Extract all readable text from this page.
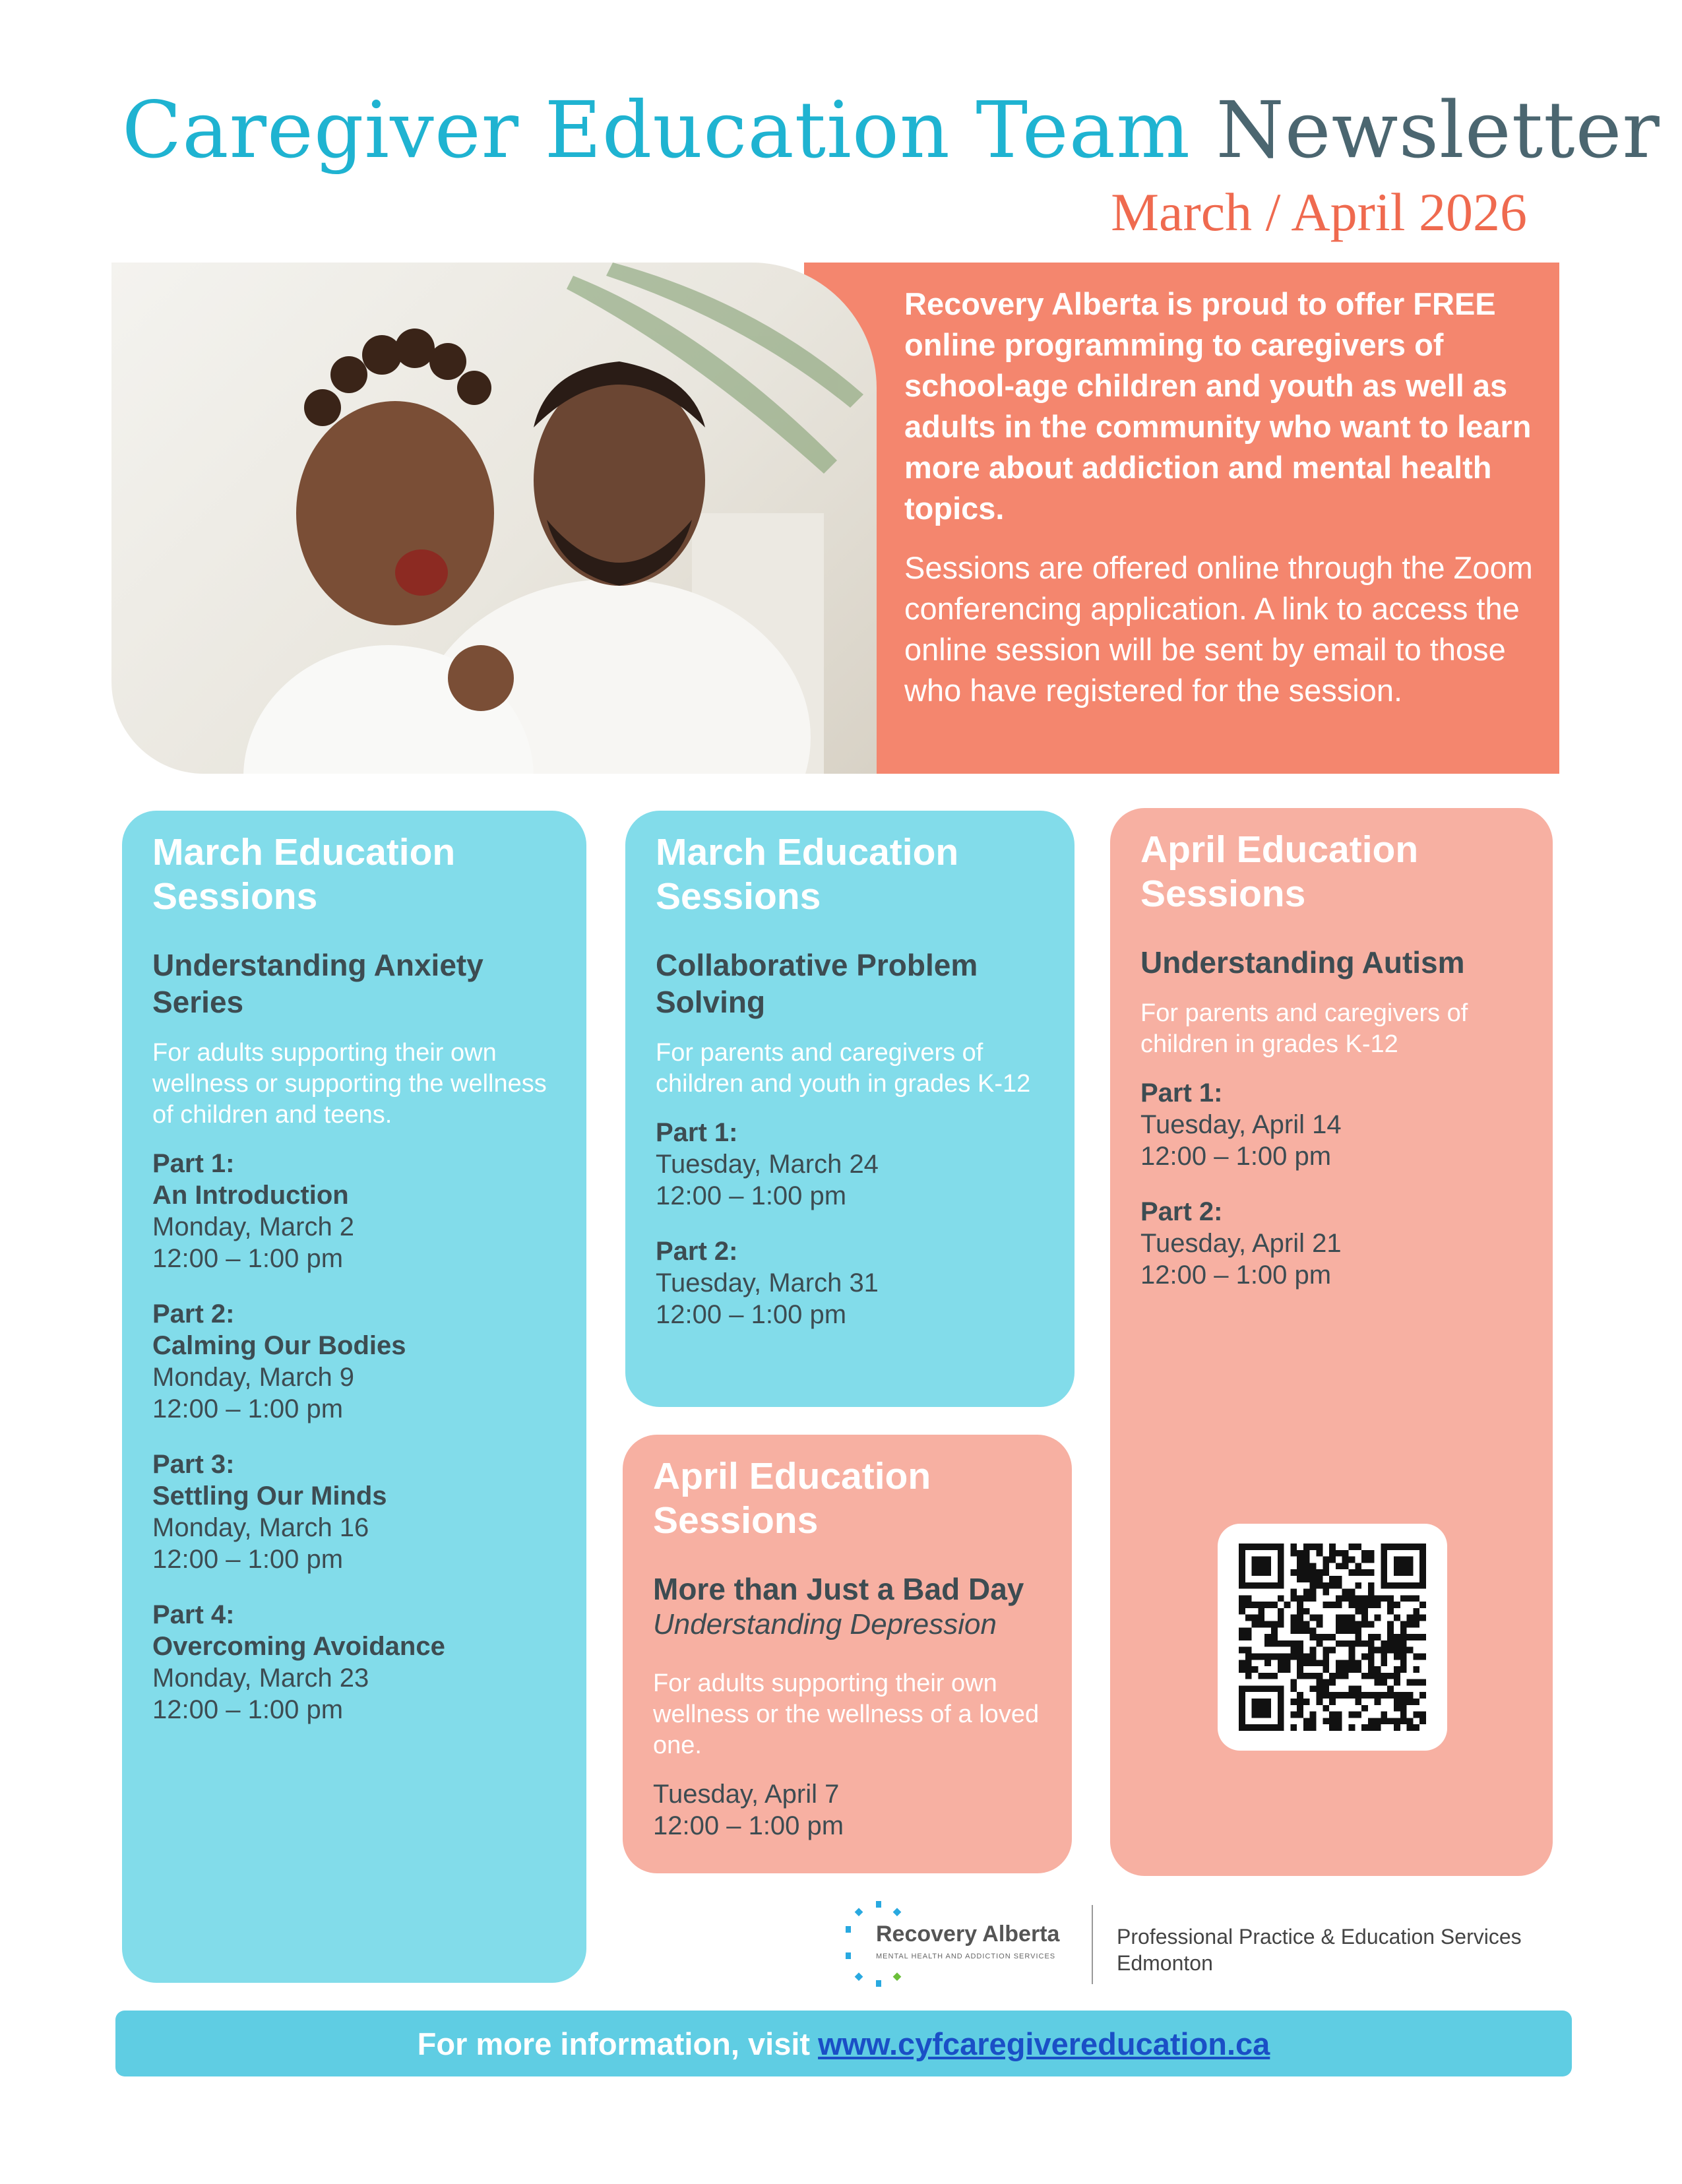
Caregiver Education Team Newsletter
March / April 2026

Recovery Alberta is proud to offer FREE online programming to caregivers of school-age children and youth as well as adults in the community who want to learn more about addiction and mental health topics.

Sessions are offered online through the Zoom conferencing application. A link to access the online session will be sent by email to those who have registered for the session.

March Education Sessions
Understanding Anxiety Series
For adults supporting their own wellness or supporting the wellness of children and teens.
Part 1:
An Introduction
Monday, March 2
12:00 – 1:00 pm
Part 2:
Calming Our Bodies
Monday, March 9
12:00 – 1:00 pm
Part 3:
Settling Our Minds
Monday, March 16
12:00 – 1:00 pm
Part 4:
Overcoming Avoidance
Monday, March 23
12:00 – 1:00 pm
March Education Sessions
Collaborative Problem Solving
For parents and caregivers of children and youth in grades K-12
Part 1:
Tuesday, March 24
12:00 – 1:00 pm
Part 2:
Tuesday, March 31
12:00 – 1:00 pm
April Education Sessions
More than Just a Bad Day
Understanding Depression
For adults supporting their own wellness or the wellness of a loved one.
Tuesday, April 7
12:00 – 1:00 pm
April Education Sessions
Understanding Autism
For parents and caregivers of children in grades K-12
Part 1:
Tuesday, April 14
12:00 – 1:00 pm
Part 2:
Tuesday, April 21
12:00 – 1:00 pm
Recovery Alberta
MENTAL HEALTH AND ADDICTION SERVICES
Professional Practice & Education Services
Edmonton
For more information, visit www.cyfcaregivereducation.ca
